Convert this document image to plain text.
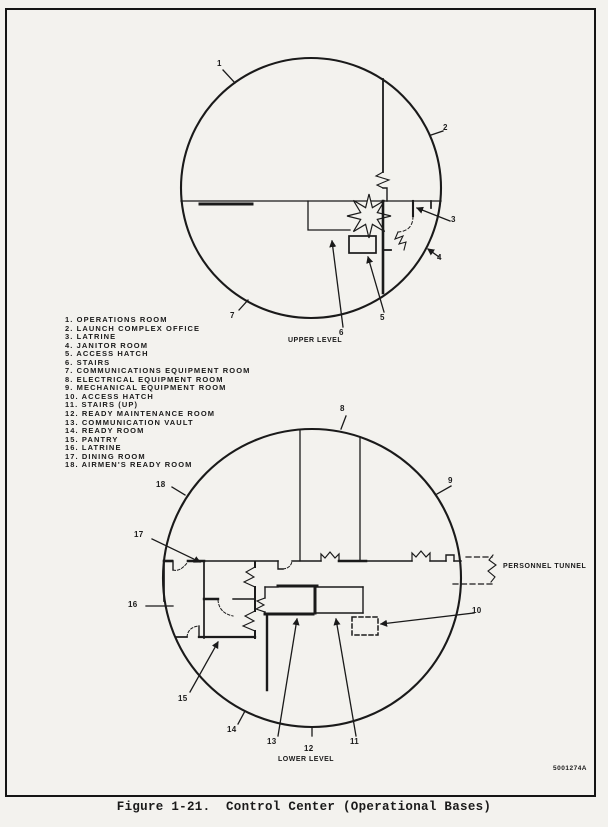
1. OPERATIONS ROOM
2. LAUNCH COMPLEX OFFICE
3. LATRINE
4. JANITOR ROOM
5. ACCESS HATCH
6. STAIRS
7. COMMUNICATIONS EQUIPMENT ROOM
8. ELECTRICAL EQUIPMENT ROOM
9. MECHANICAL EQUIPMENT ROOM
10. ACCESS HATCH
11. STAIRS (UP)
12. READY MAINTENANCE ROOM
13. COMMUNICATION VAULT
14. READY ROOM
15. PANTRY
16. LATRINE
17. DINING ROOM
18. AIRMEN'S READY ROOM
1
2
3
4
5
6
7
8
9
10
11
12
13
14
15
16
17
18
UPPER LEVEL
LOWER LEVEL
PERSONNEL TUNNEL
5001274A
Figure 1-21.  Control Center (Operational Bases)
